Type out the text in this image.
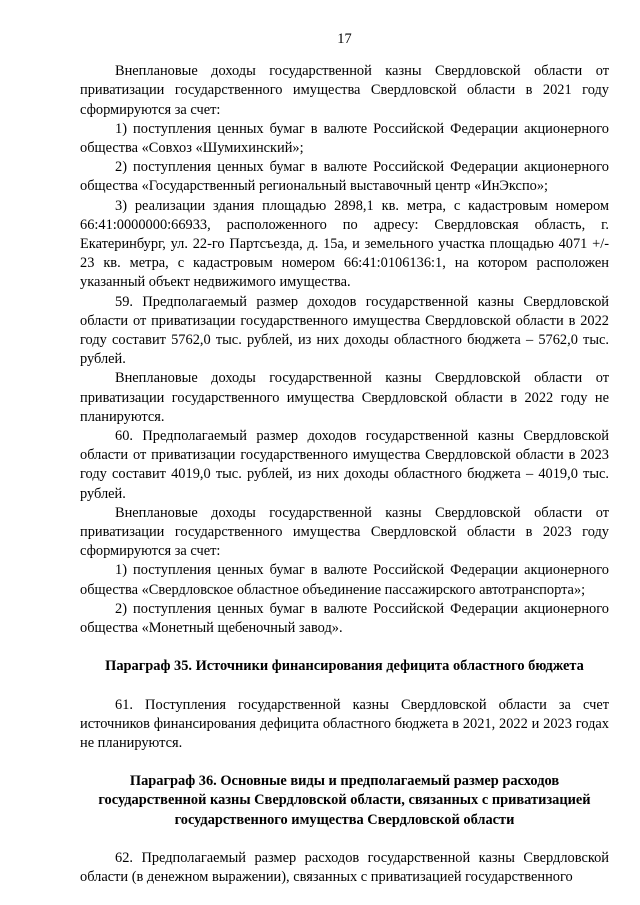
17

Внеплановые доходы государственной казны Свердловской области от приватизации государственного имущества Свердловской области в 2021 году сформируются за счет:

1) поступления ценных бумаг в валюте Российской Федерации акционерного общества «Совхоз «Шумихинский»;

2) поступления ценных бумаг в валюте Российской Федерации акционерного общества «Государственный региональный выставочный центр «ИнЭкспо»;

3) реализации здания площадью 2898,1 кв. метра, с кадастровым номером 66:41:0000000:66933, расположенного по адресу: Свердловская область, г. Екатеринбург, ул. 22-го Партсъезда, д. 15а, и земельного участка площадью 4071 +/- 23 кв. метра, с кадастровым номером 66:41:0106136:1, на котором расположен указанный объект недвижимого имущества.

59. Предполагаемый размер доходов государственной казны Свердловской области от приватизации государственного имущества Свердловской области в 2022 году составит 5762,0 тыс. рублей, из них доходы областного бюджета – 5762,0 тыс. рублей.

Внеплановые доходы государственной казны Свердловской области от приватизации государственного имущества Свердловской области в 2022 году не планируются.

60. Предполагаемый размер доходов государственной казны Свердловской области от приватизации государственного имущества Свердловской области в 2023 году составит 4019,0 тыс. рублей, из них доходы областного бюджета – 4019,0 тыс. рублей.

Внеплановые доходы государственной казны Свердловской области от приватизации государственного имущества Свердловской области в 2023 году сформируются за счет:

1) поступления ценных бумаг в валюте Российской Федерации акционерного общества «Свердловское областное объединение пассажирского автотранспорта»;

2) поступления ценных бумаг в валюте Российской Федерации акционерного общества «Монетный щебеночный завод».

Параграф 35. Источники финансирования дефицита областного бюджета

61. Поступления государственной казны Свердловской области за счет источников финансирования дефицита областного бюджета в 2021, 2022 и 2023 годах не планируются.

Параграф 36. Основные виды и предполагаемый размер расходов государственной казны Свердловской области, связанных с приватизацией государственного имущества Свердловской области

62. Предполагаемый размер расходов государственной казны Свердловской области (в денежном выражении), связанных с приватизацией государственного
